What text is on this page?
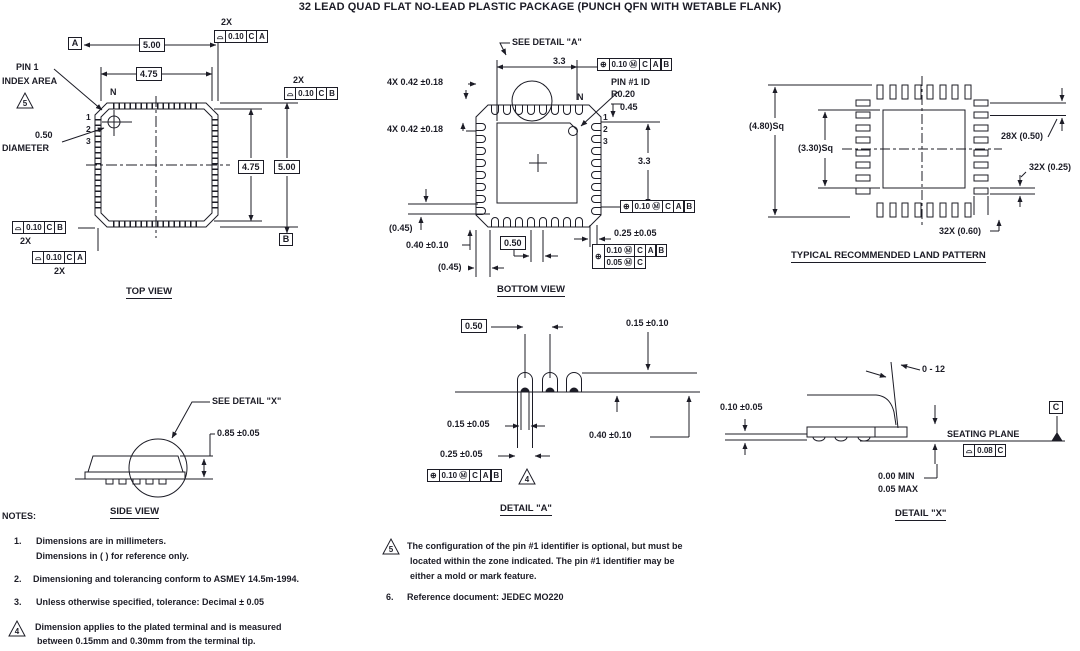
5
4
4
5
32 LEAD QUAD FLAT NO-LEAD PLASTIC PACKAGE (PUNCH QFN WITH WETABLE FLANK)
A	5.00
4.75
2X
⌓ 0.10 C A
PIN 1
INDEX AREA
N
1
2
3
0.50
DIAMETER
4.75	5.00
2X
⌓ 0.10 C B
⌓ 0.10 C B
2X
⌓ 0.10 C A
2X
B
TOP VIEW
SEE DETAIL "A"
3.3	⊕ 0.10 Ⓜ C A B
4X 0.42 ±0.18
4X 0.42 ±0.18
PIN #1 ID
R0.20
0.45
N
1
2
3
3.3
⊕ 0.10 Ⓜ C A B
(0.45)
0.40 ±0.10	0.50
0.25 ±0.05
⊕
0.10 Ⓜ C A B
0.05 Ⓜ C
(0.45)
BOTTOM VIEW
(4.80)Sq
(3.30)Sq
28X (0.50)
32X (0.25)
32X (0.60)
TYPICAL RECOMMENDED LAND PATTERN
SEE DETAIL "X"
0.85 ±0.05
SIDE VIEW
0.50	0.15 ±0.10
0.15 ±0.05
0.40 ±0.10
0.25 ±0.05
⊕ 0.10 Ⓜ C A B
DETAIL "A"
0 - 12
0.10 ±0.05
SEATING PLANE
C
⌓ 0.08 C
0.00 MIN
0.05 MAX
DETAIL "X"
NOTES:
1. Dimensions are in millimeters.
Dimensions in ( ) for reference only.
2. Dimensioning and tolerancing conform to ASMEY 14.5m-1994.
3. Unless otherwise specified, tolerance: Decimal ± 0.05
Dimension applies to the plated terminal and is measured
between 0.15mm and 0.30mm from the terminal tip.
The configuration of the pin #1 identifier is optional, but must be
located within the zone indicated. The pin #1 identifier may be
either a mold or mark feature.
6. Reference document: JEDEC MO220
